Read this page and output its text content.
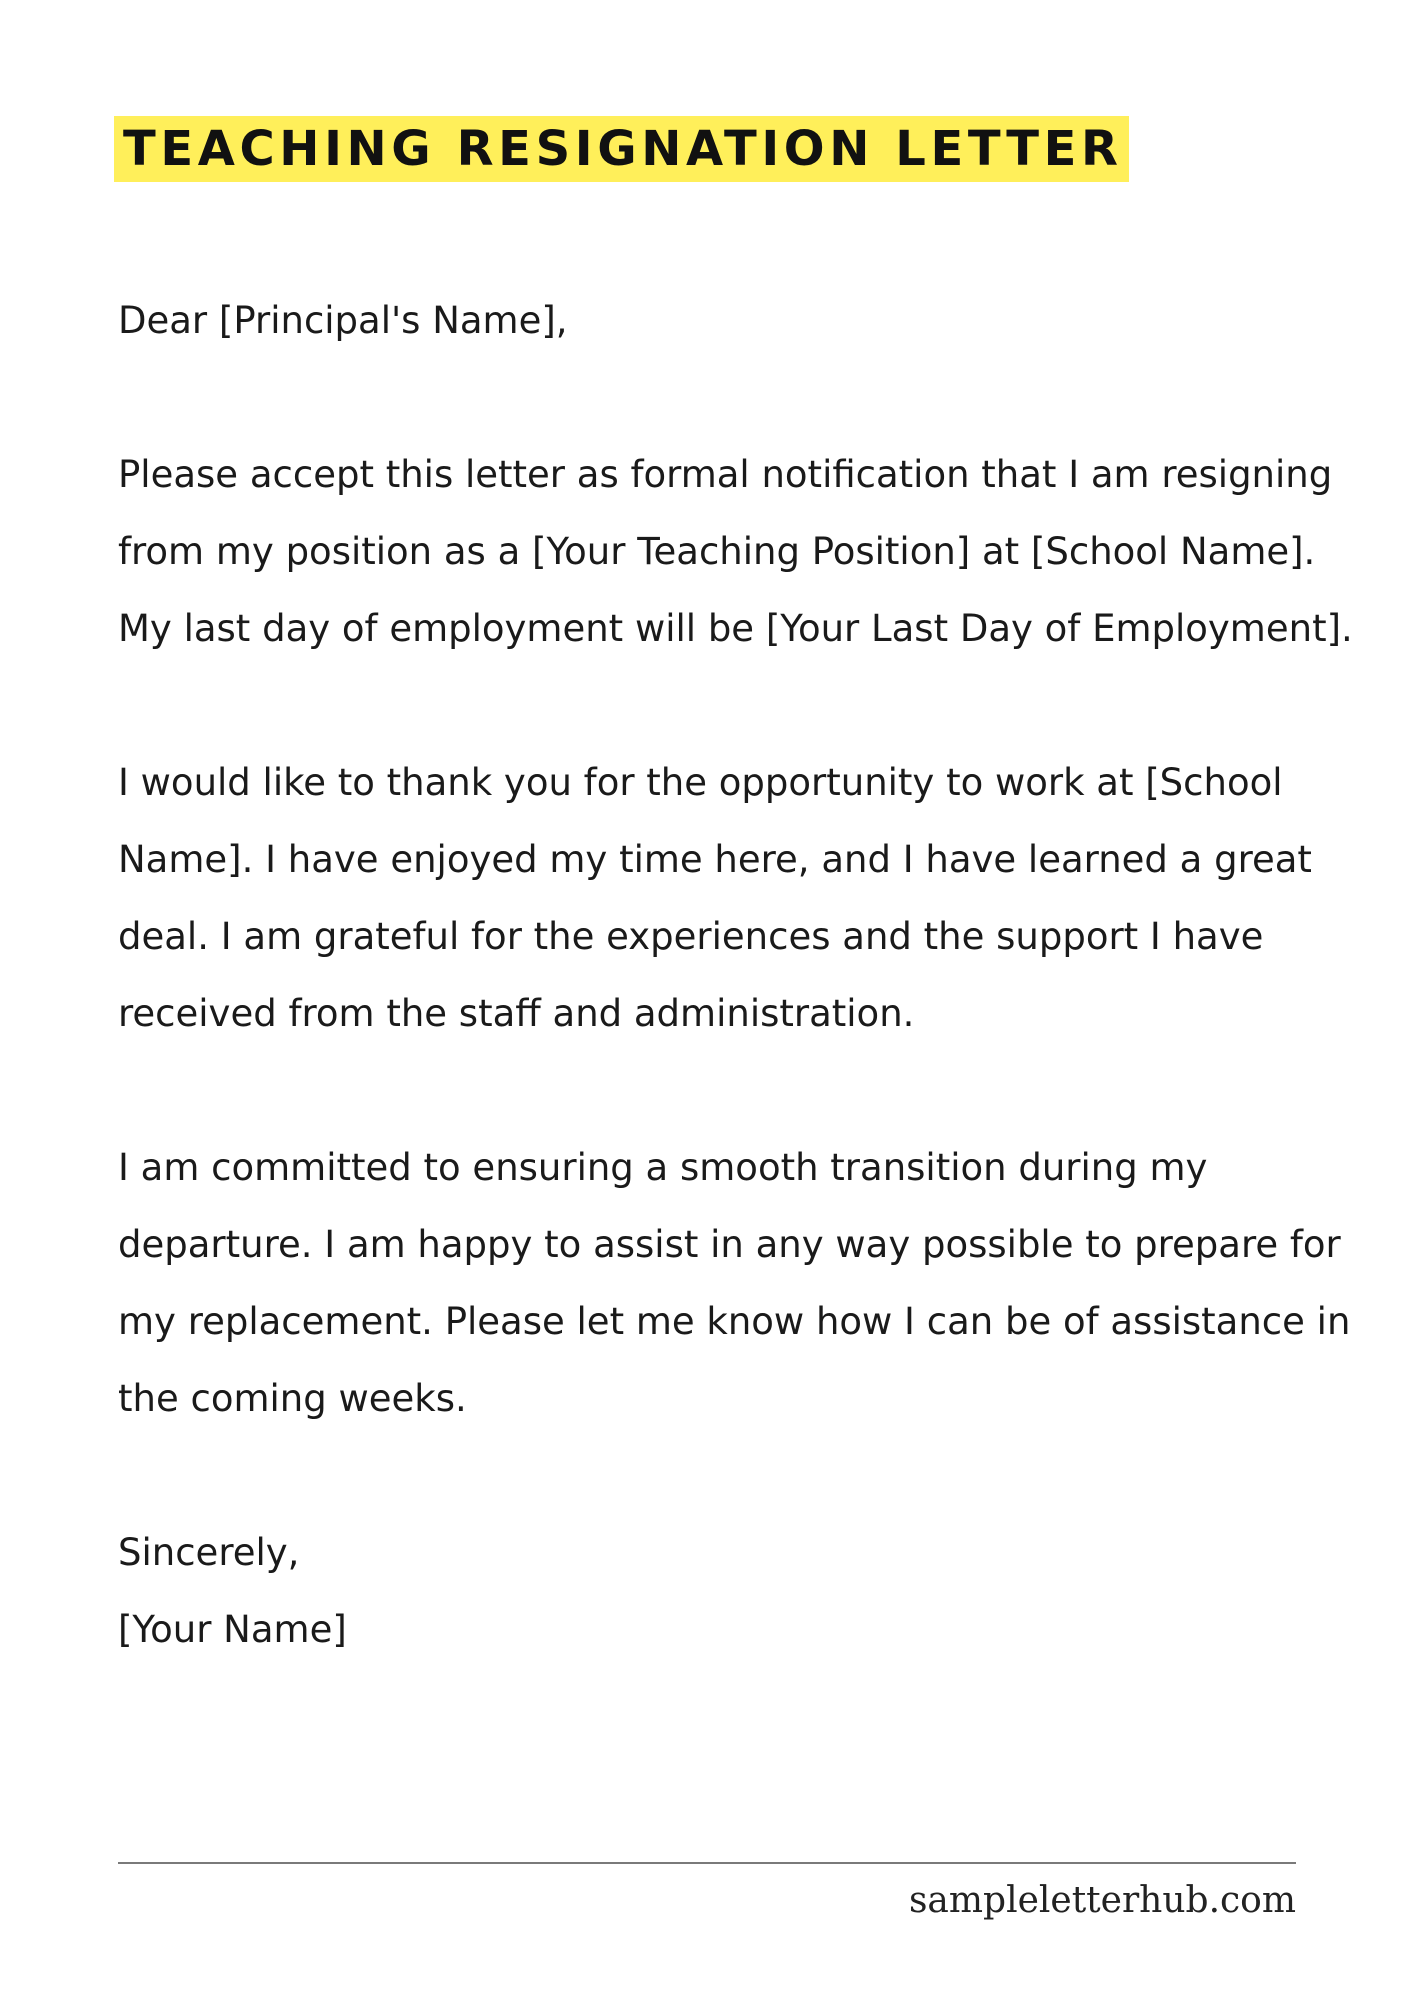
TEACHING RESIGNATION LETTER

Dear [Principal's Name],

Please accept this letter as formal notification that I am resigning from my position as a [Your Teaching Position] at [School Name]. My last day of employment will be [Your Last Day of Employment].

I would like to thank you for the opportunity to work at [School Name]. I have enjoyed my time here, and I have learned a great deal. I am grateful for the experiences and the support I have received from the staff and administration.

I am committed to ensuring a smooth transition during my departure. I am happy to assist in any way possible to prepare for my replacement. Please let me know how I can be of assistance in the coming weeks.

Sincerely,

[Your Name]

sampleletterhub.com
